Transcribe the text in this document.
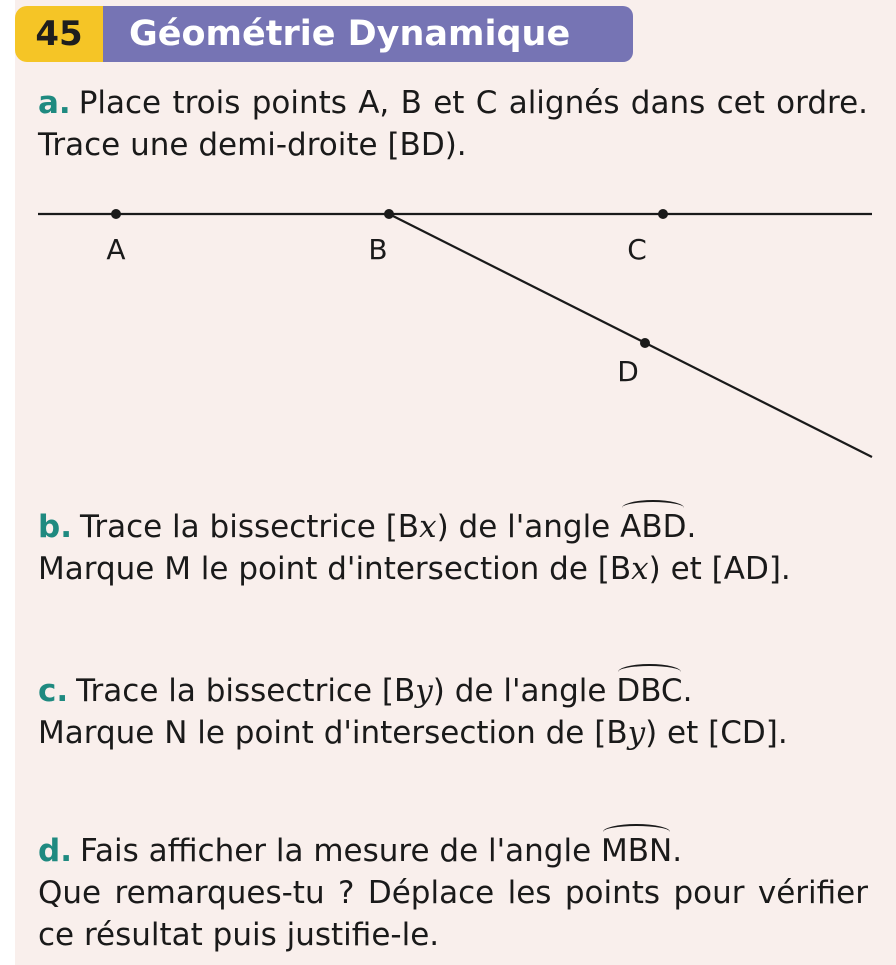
45	Géométrie Dynamique
a. Place trois points A, B et C alignés dans cet ordre. Trace une demi-droite [BD).
A	B	C
D
b. Trace la bissectrice [Bx) de l'angle ABD.
Marque M le point d'intersection de [Bx) et [AD].
c. Trace la bissectrice [By) de l'angle DBC.
Marque N le point d'intersection de [By) et [CD].
d. Fais afficher la mesure de l'angle MBN.
Que remarques-tu ? Déplace les points pour vérifier ce résultat puis justifie-le.
